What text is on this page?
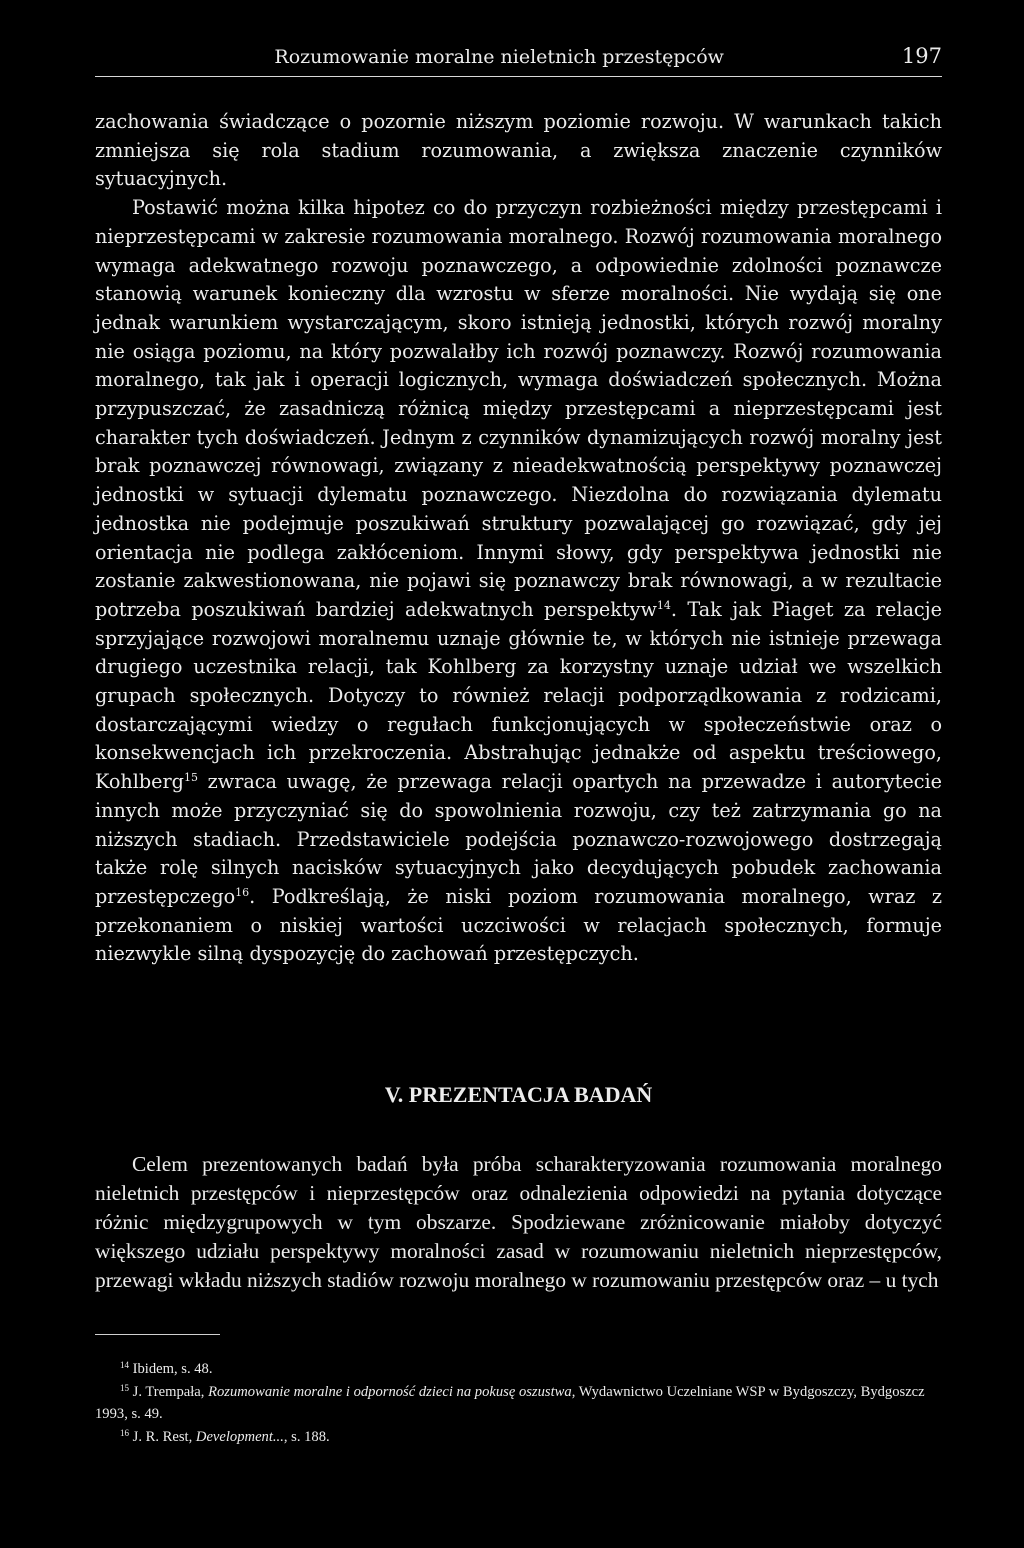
Rozumowanie moralne nieletnich przestępców	197

zachowania świadczące o pozornie niższym poziomie rozwoju. W warunkach takich zmniejsza się rola stadium rozumowania, a zwiększa znaczenie czynników sytuacyjnych.

Postawić można kilka hipotez co do przyczyn rozbieżności między przestępcami i nieprzestępcami w zakresie rozumowania moralnego. Rozwój rozumowania moralnego wymaga adekwatnego rozwoju poznawczego, a odpowiednie zdolności poznawcze stanowią warunek konieczny dla wzrostu w sferze moralności. Nie wydają się one jednak warunkiem wystarczającym, skoro istnieją jednostki, których rozwój moralny nie osiąga poziomu, na który pozwalałby ich rozwój poznawczy. Rozwój rozumowania moralnego, tak jak i operacji logicznych, wymaga doświadczeń społecznych. Można przypuszczać, że zasadniczą różnicą między przestępcami a nieprzestępcami jest charakter tych doświadczeń. Jednym z czynników dynamizujących rozwój moralny jest brak poznawczej równowagi, związany z nieadekwatnością perspektywy poznawczej jednostki w sytuacji dylematu poznawczego. Niezdolna do rozwiązania dylematu jednostka nie podejmuje poszukiwań struktury pozwalającej go rozwiązać, gdy jej orientacja nie podlega zakłóceniom. Innymi słowy, gdy perspektywa jednostki nie zostanie zakwestionowana, nie pojawi się poznawczy brak równowagi, a w rezultacie potrzeba poszukiwań bardziej adekwatnych perspektyw$^{14}$. Tak jak Piaget za relacje sprzyjające rozwojowi moralnemu uznaje głównie te, w których nie istnieje przewaga drugiego uczestnika relacji, tak Kohlberg za korzystny uznaje udział we wszelkich grupach społecznych. Dotyczy to również relacji podporządkowania z rodzicami, dostarczającymi wiedzy o regułach funkcjonujących w społeczeństwie oraz o konsekwencjach ich przekroczenia. Abstrahując jednakże od aspektu treściowego, Kohlberg$^{15}$ zwraca uwagę, że przewaga relacji opartych na przewadze i autorytecie innych może przyczyniać się do spowolnienia rozwoju, czy też zatrzymania go na niższych stadiach. Przedstawiciele podejścia poznawczo-rozwojowego dostrzegają także rolę silnych nacisków sytuacyjnych jako decydujących pobudek zachowania przestępczego$^{16}$. Podkreślają, że niski poziom rozumowania moralnego, wraz z przekonaniem o niskiej wartości uczciwości w relacjach społecznych, formuje niezwykle silną dyspozycję do zachowań przestępczych.

V. PREZENTACJA BADAŃ

Celem prezentowanych badań była próba scharakteryzowania rozumowania moralnego nieletnich przestępców i nieprzestępców oraz odnalezienia odpowiedzi na pytania dotyczące różnic międzygrupowych w tym obszarze. Spodziewane zróżnicowanie miałoby dotyczyć większego udziału perspektywy moralności zasad w rozumowaniu nieletnich nieprzestępców, przewagi wkładu niższych stadiów rozwoju moralnego w rozumowaniu przestępców oraz – u tych

$^{14}$ Ibidem, s. 48.
$^{15}$ J. Trempała, Rozumowanie moralne i odporność dzieci na pokusę oszustwa, Wydawnictwo Uczelniane WSP w Bydgoszczy, Bydgoszcz 1993, s. 49.
$^{16}$ J. R. Rest, Development..., s. 188.
